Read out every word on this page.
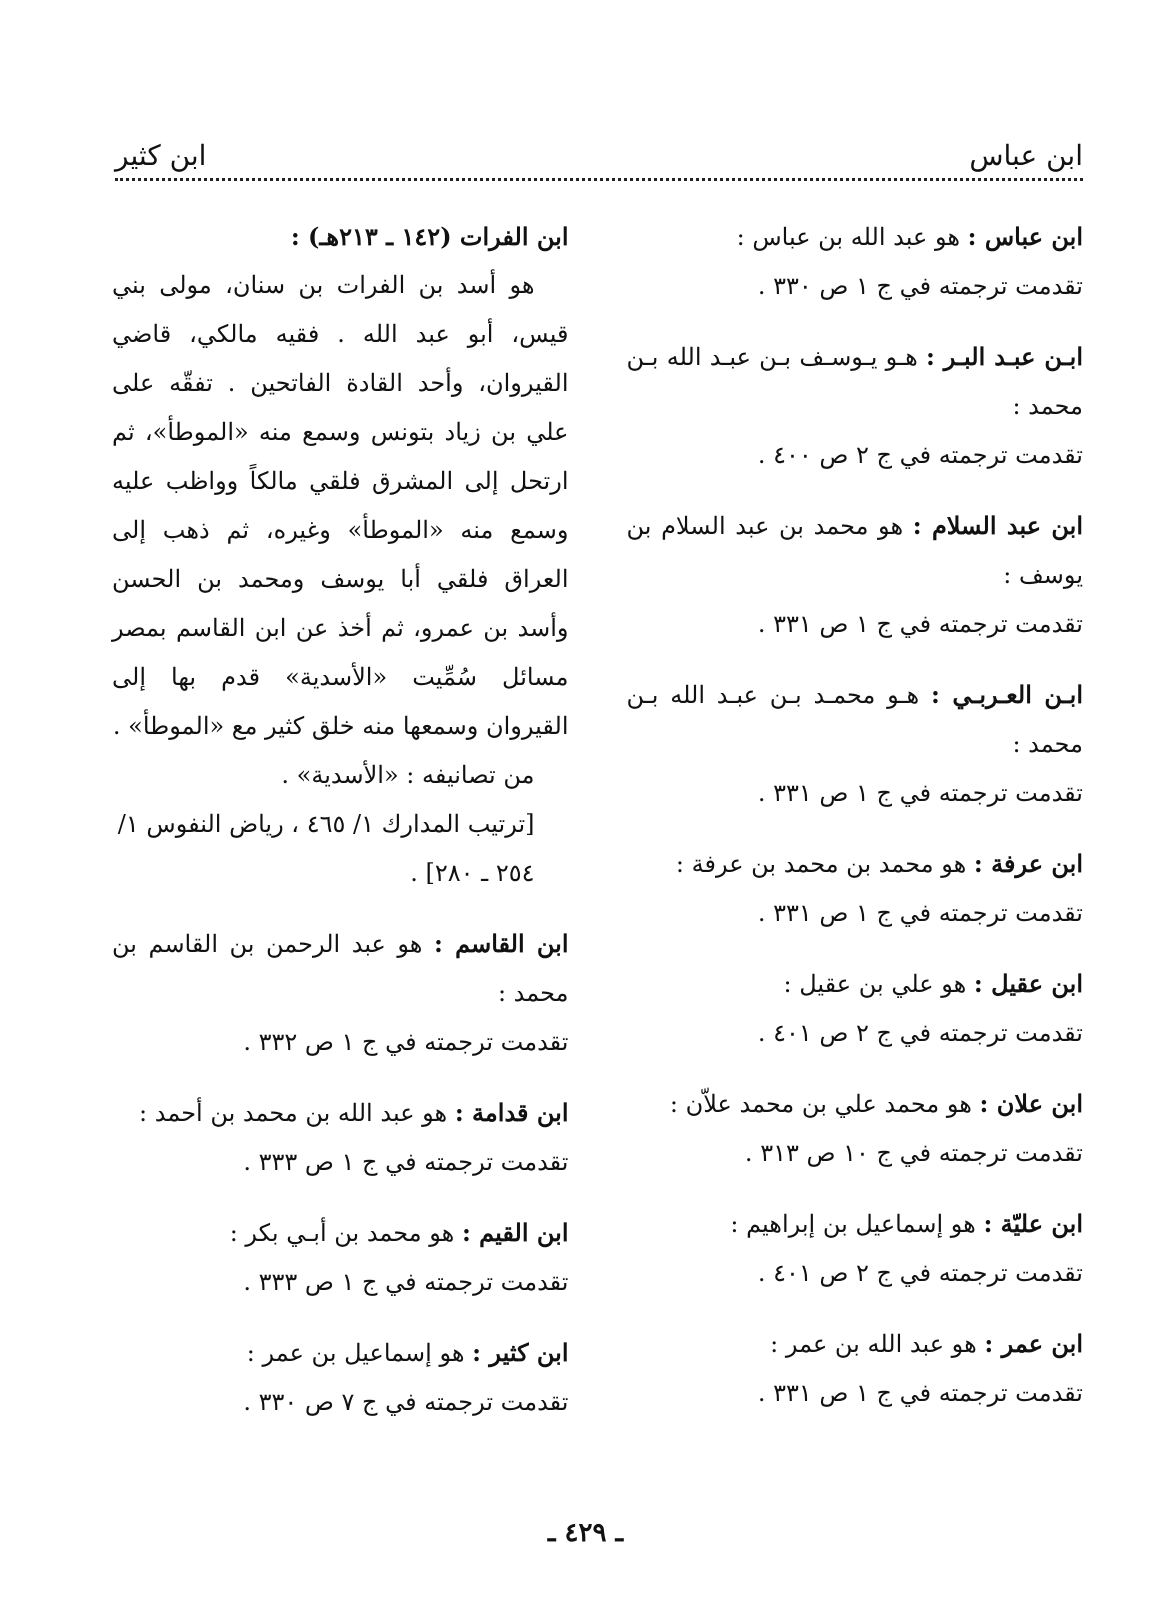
ابن عباس
ابن كثير
ابن عباس : هو عبد الله بن عباس :
تقدمت ترجمته في ج ١ ص ٣٣٠ .
ابـن عبـد البـر : هـو يـوسـف بـن عبـد الله بـن محمد :
تقدمت ترجمته في ج ٢ ص ٤٠٠ .
ابن عبد السلام : هو محمد بن عبد السلام بن يوسف :
تقدمت ترجمته في ج ١ ص ٣٣١ .
ابـن العـربـي : هـو محمـد بـن عبـد الله بـن محمد :
تقدمت ترجمته في ج ١ ص ٣٣١ .
ابن عرفة : هو محمد بن محمد بن عرفة :
تقدمت ترجمته في ج ١ ص ٣٣١ .
ابن عقيل : هو علي بن عقيل :
تقدمت ترجمته في ج ٢ ص ٤٠١ .
ابن علان : هو محمد علي بن محمد علاّن :
تقدمت ترجمته في ج ١٠ ص ٣١٣ .
ابن عليّة : هو إسماعيل بن إبراهيم :
تقدمت ترجمته في ج ٢ ص ٤٠١ .
ابن عمر : هو عبد الله بن عمر :
تقدمت ترجمته في ج ١ ص ٣٣١ .
ابن الفرات (١٤٢ ـ ٢١٣هـ) :

هو أسد بن الفرات بن سنان، مولى بني قيس، أبو عبد الله . فقيه مالكي، قاضي القيروان، وأحد القادة الفاتحين . تفقّه على علي بن زياد بتونس وسمع منه «الموطأ»، ثم ارتحل إلى المشرق فلقي مالكاً وواظب عليه وسمع منه «الموطأ» وغيره، ثم ذهب إلى العراق فلقي أبا يوسف ومحمد بن الحسن وأسد بن عمرو، ثم أخذ عن ابن القاسم بمصر مسائل سُمِّيت «الأسدية» قدم بها إلى القيروان وسمعها منه خلق كثير مع «الموطأ» .

من تصانيفه : «الأسدية» .
[ترتيب المدارك ١/ ٤٦٥ ، رياض النفوس ١/ ٢٥٤ ـ ٢٨٠] .
ابن القاسم : هو عبد الرحمن بن القاسم بن محمد :
تقدمت ترجمته في ج ١ ص ٣٣٢ .
ابن قدامة : هو عبد الله بن محمد بن أحمد :
تقدمت ترجمته في ج ١ ص ٣٣٣ .
ابن القيم : هو محمد بن أبـي بكر :
تقدمت ترجمته في ج ١ ص ٣٣٣ .
ابن كثير : هو إسماعيل بن عمر :
تقدمت ترجمته في ج ٧ ص ٣٣٠ .
ـ ٤٢٩ ـ
